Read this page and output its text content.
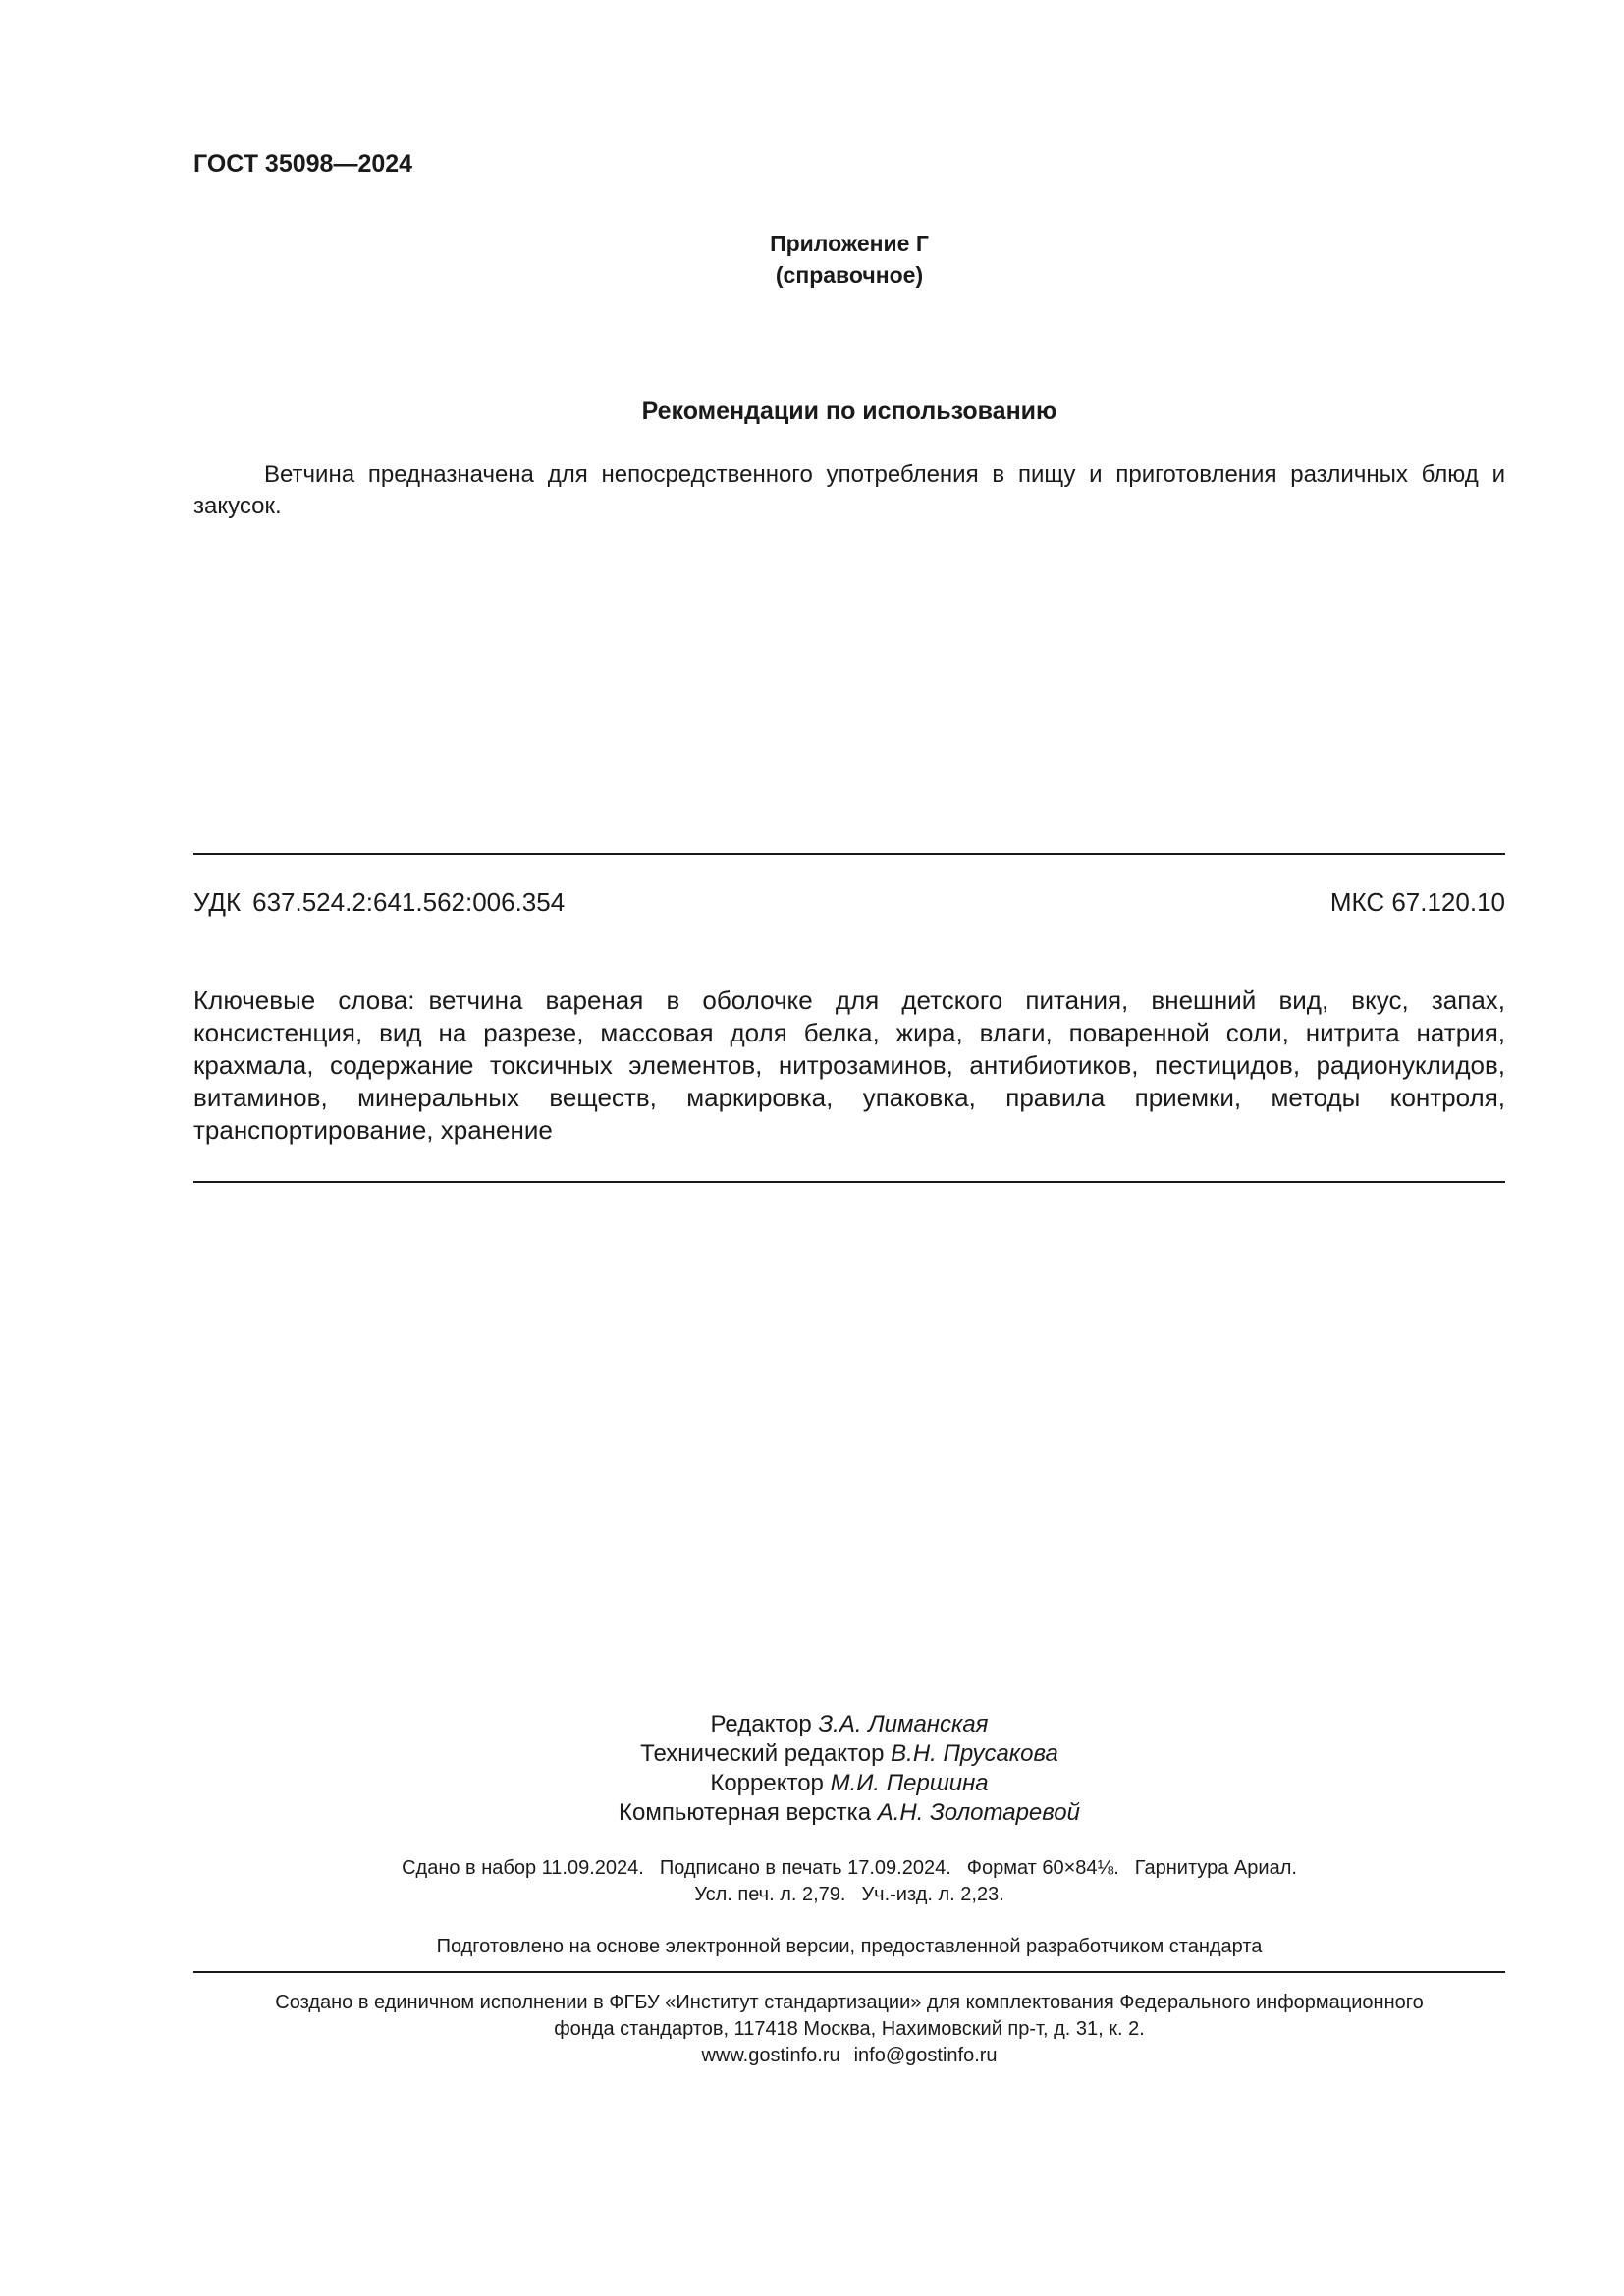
ГОСТ 35098—2024
Приложение Г
(справочное)
Рекомендации по использованию
Ветчина предназначена для непосредственного употребления в пищу и приготовления различных блюд и закусок.
УДК 637.524.2:641.562:006.354	МКС 67.120.10
Ключевые слова: ветчина вареная в оболочке для детского питания, внешний вид, вкус, запах, консистенция, вид на разрезе, массовая доля белка, жира, влаги, поваренной соли, нитрита натрия, крахмала, содержание токсичных элементов, нитрозаминов, антибиотиков, пестицидов, радионуклидов, витаминов, минеральных веществ, маркировка, упаковка, правила приемки, методы контроля, транспортирование, хранение
Редактор З.А. Лиманская
Технический редактор В.Н. Прусакова
Корректор М.И. Першина
Компьютерная верстка А.Н. Золотаревой
Сдано в набор 11.09.2024. Подписано в печать 17.09.2024. Формат 60×84⅛. Гарнитура Ариал.
Усл. печ. л. 2,79. Уч.-изд. л. 2,23.
Подготовлено на основе электронной версии, предоставленной разработчиком стандарта
Создано в единичном исполнении в ФГБУ «Институт стандартизации» для комплектования Федерального информационного
фонда стандартов, 117418 Москва, Нахимовский пр-т, д. 31, к. 2.
www.gostinfo.ru info@gostinfo.ru
